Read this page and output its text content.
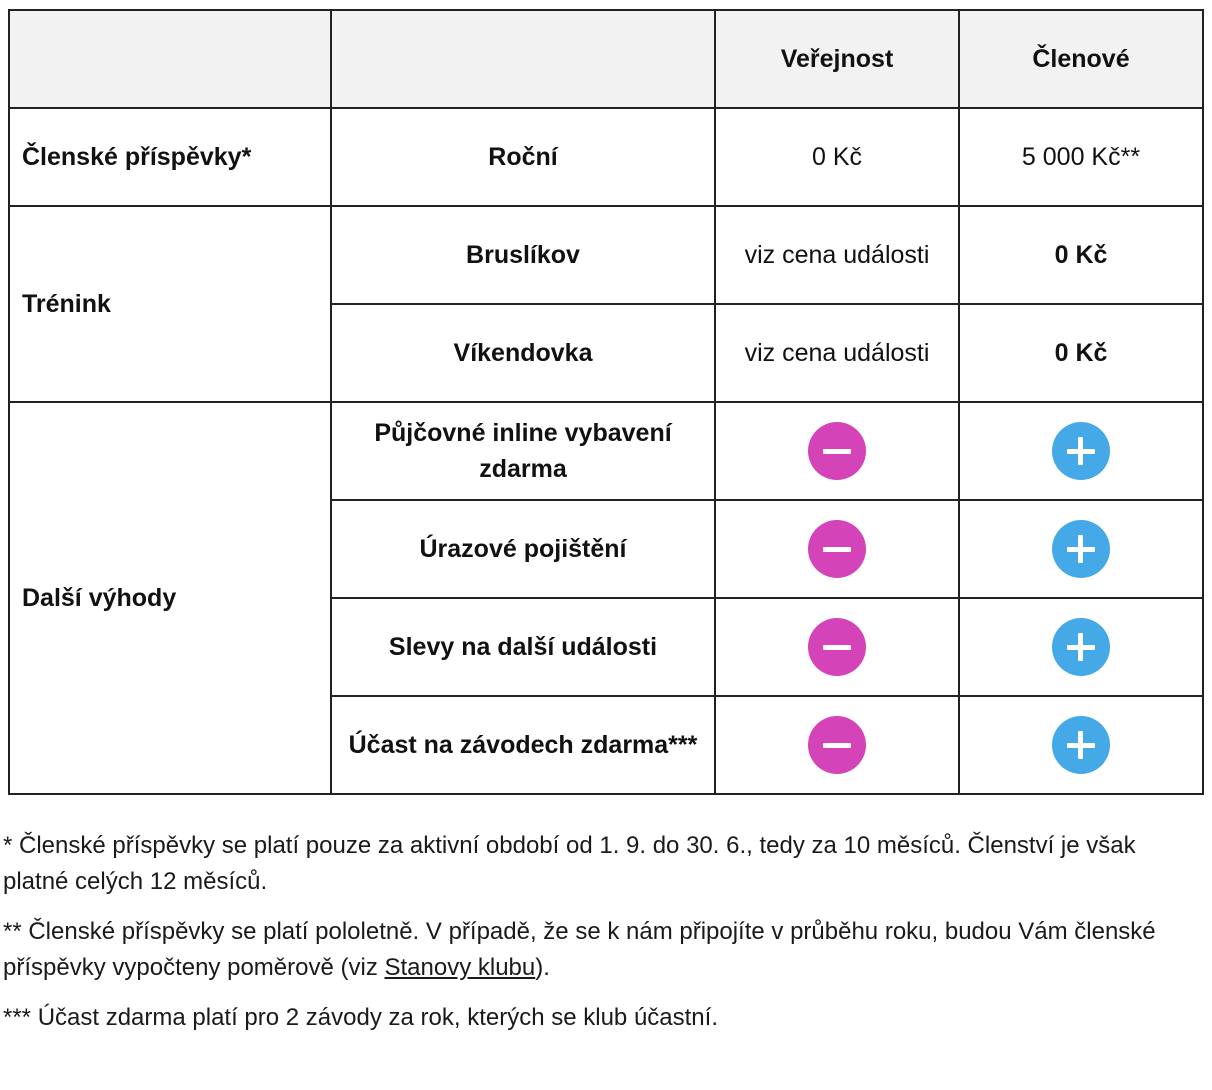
		Veřejnost	Členové
Členské příspěvky*	Roční	0 Kč	5 000 Kč**
Trénink	Bruslíkov	viz cena události	0 Kč
	Víkendovka	viz cena události	0 Kč
Další výhody	Půjčovné inline vybavení zdarma	

	Úrazové pojištění	

	Slevy na další události	

	Účast na závodech zdarma***	

* Členské příspěvky se platí pouze za aktivní období od 1. 9. do 30. 6., tedy za 10 měsíců. Členství je však platné celých 12 měsíců.

** Členské příspěvky se platí pololetně. V případě, že se k nám připojíte v průběhu roku, budou Vám členské příspěvky vypočteny poměrově (viz Stanovy klubu).

*** Účast zdarma platí pro 2 závody za rok, kterých se klub účastní.
